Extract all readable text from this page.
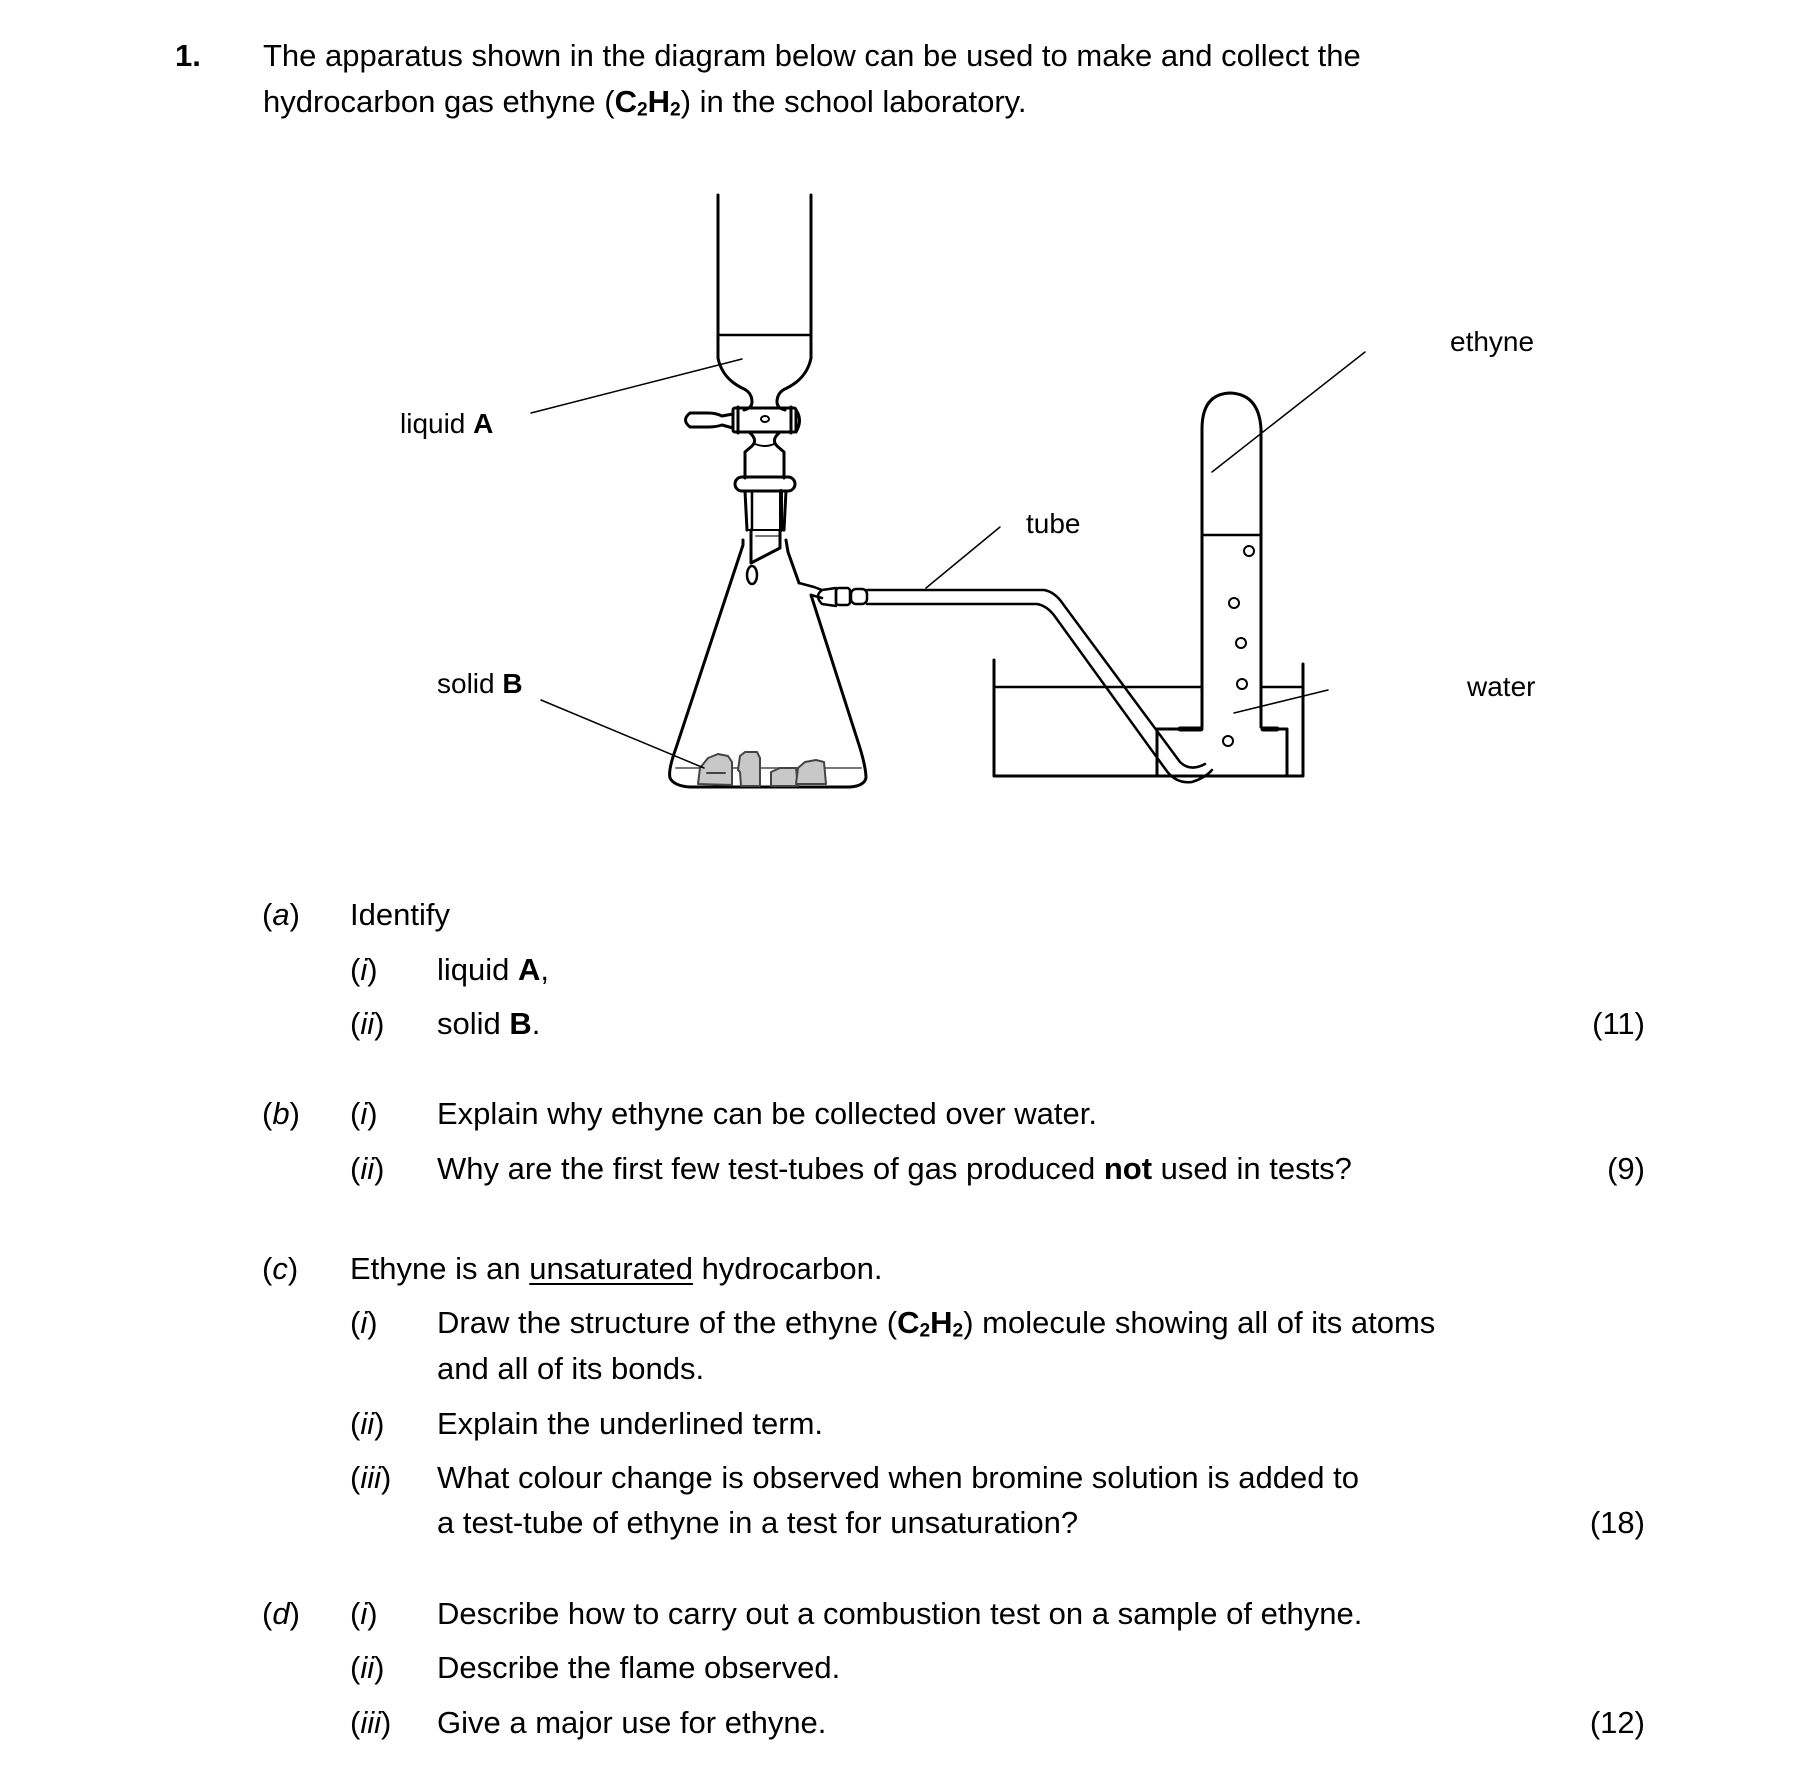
1. The apparatus shown in the diagram below can be used to make and collect the
hydrocarbon gas ethyne $(C_2H_2)$ in the school laboratory.
liquid A
solid B
tube
ethyne
water
(a) Identify
(i) liquid A,
(ii) solid B.	(11)
(b) (i) Explain why ethyne can be collected over water.
(ii) Why are the first few test-tubes of gas produced not used in tests?	(9)
(c) Ethyne is an unsaturated hydrocarbon.
(i) Draw the structure of the ethyne $(C_2H_2)$ molecule showing all of its atoms
and all of its bonds.
(ii) Explain the underlined term.
(iii) What colour change is observed when bromine solution is added to
a test-tube of ethyne in a test for unsaturation?	(18)
(d) (i) Describe how to carry out a combustion test on a sample of ethyne.
(ii) Describe the flame observed.
(iii) Give a major use for ethyne.	(12)
